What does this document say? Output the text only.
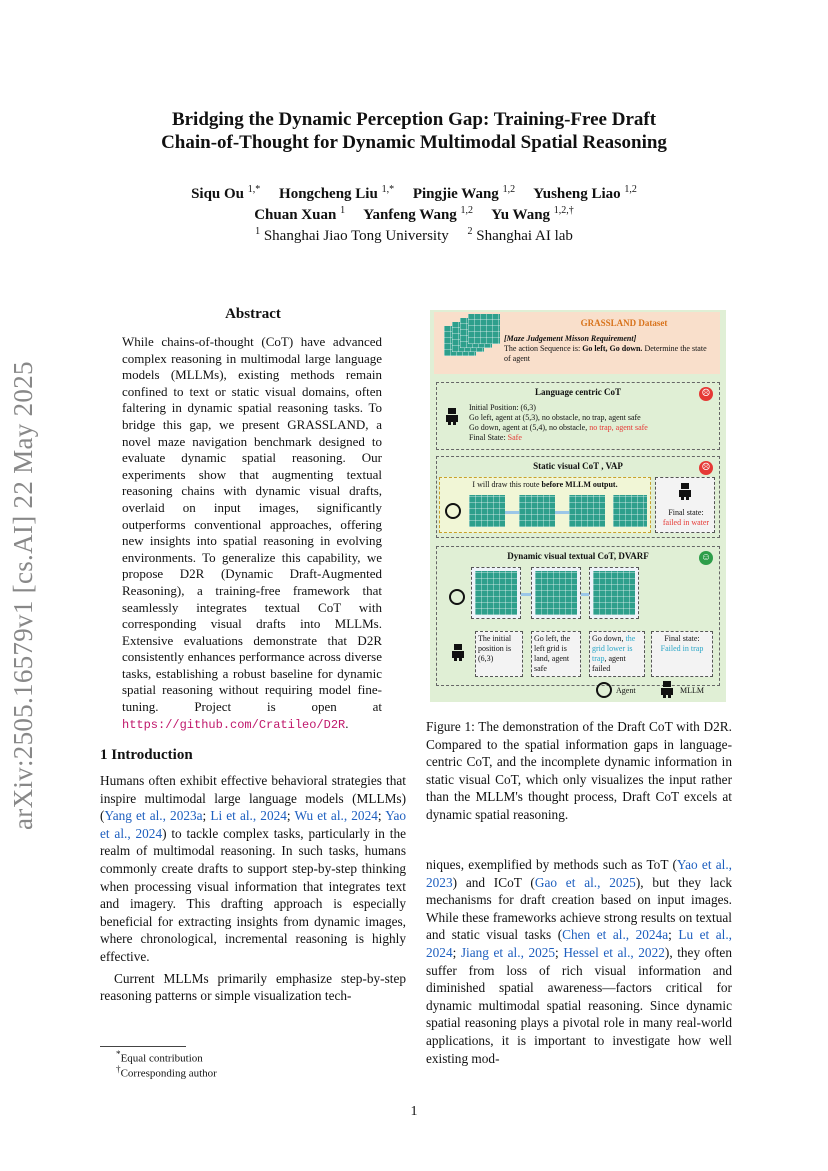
Bridging the Dynamic Perception Gap: Training-Free Draft
Chain-of-Thought for Dynamic Multimodal Spatial Reasoning
Siqu Ou $^{1,*}$ Hongcheng Liu $^{1,*}$ Pingjie Wang $^{1,2}$ Yusheng Liao $^{1,2}$
Chuan Xuan $^1$ Yanfeng Wang $^{1,2}$ Yu Wang $^{1,2,\dagger}$
$^1$ Shanghai Jiao Tong University $^2$ Shanghai AI lab
arXiv:2505.16579v1 [cs.AI] 22 May 2025
Abstract
While chains-of-thought (CoT) have advanced complex reasoning in multimodal large language models (MLLMs), existing methods remain confined to text or static visual domains, often faltering in dynamic spatial reasoning tasks. To bridge this gap, we present GRASSLAND, a novel maze navigation benchmark designed to evaluate dynamic spatial reasoning. Our experiments show that augmenting textual reasoning chains with dynamic visual drafts, overlaid on input images, significantly outperforms conventional approaches, offering new insights into spatial reasoning in evolving environments. To generalize this capability, we propose D2R (Dynamic Draft-Augmented Reasoning), a training-free framework that seamlessly integrates textual CoT with corresponding visual drafts into MLLMs. Extensive evaluations demonstrate that D2R consistently enhances performance across diverse tasks, establishing a robust baseline for dynamic spatial reasoning without requiring model fine-tuning. Project is open at https://github.com/Cratileo/D2R.
1 Introduction
Humans often exhibit effective behavioral strategies that inspire multimodal large language models (MLLMs) (Yang et al., 2023a; Li et al., 2024; Wu et al., 2024; Yao et al., 2024) to tackle complex tasks, particularly in the realm of multimodal reasoning. In such tasks, humans commonly create drafts to support step-by-step thinking when processing visual information that integrates text and imagery. This drafting approach is especially beneficial for extracting insights from dynamic images, where chronological, incremental reasoning is highly effective.
Current MLLMs primarily emphasize step-by-step reasoning patterns or simple visualization tech-
*Equal contribution
†Corresponding author
niques, exemplified by methods such as ToT (Yao et al., 2023) and ICoT (Gao et al., 2025), but they lack mechanisms for draft creation based on input images. While these frameworks achieve strong results on textual and static visual tasks (Chen et al., 2024a; Lu et al., 2024; Jiang et al., 2025; Hessel et al., 2022), they often suffer from loss of rich visual information and diminished spatial awareness—factors critical for dynamic multimodal spatial reasoning. Since dynamic spatial reasoning plays a pivotal role in many real-world applications, it is important to investigate how well existing mod-
1
GRASSLAND Dataset
[Maze Judgement Misson Requirement]
The action Sequence is: Go left, Go down. Determine the state of agent
Language centric CoT	☹
Initial Position: (6,3)
Go left, agent at (5,3), no obstacle, no trap, agent safe
Go down, agent at (5,4), no obstacle, no trap, agent safe
Final State: Safe
Static visual CoT , VAP	☹
I will draw this route before MLLM output.
Final state:
failed in water
Dynamic visual textual CoT, DVARF	☺
The initial position is (6,3)
Go left, the left grid is land, agent safe
Go down, the grid lower is trap, agent failed
Final state:
Failed in trap
Agent	MLLM
Figure 1: The demonstration of the Draft CoT with D2R. Compared to the spatial information gaps in language-centric CoT, and the incomplete dynamic information in static visual CoT, which only visualizes the input rather than the MLLM's thought process, Draft CoT excels at dynamic spatial reasoning.
